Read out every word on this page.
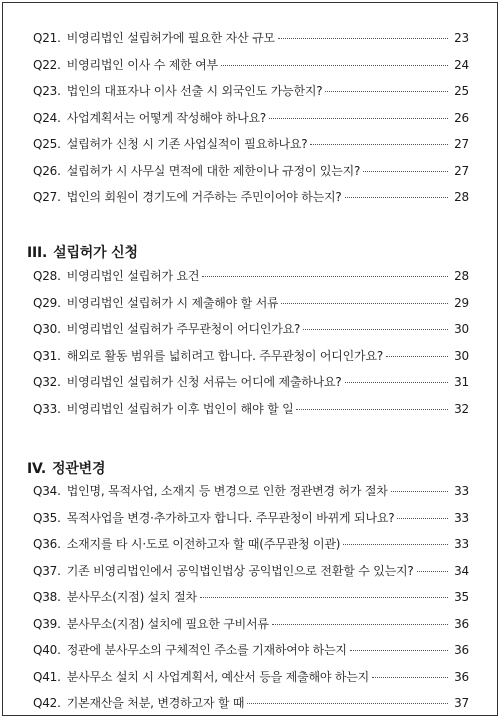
Q21. 비영리법인 설립허가에 필요한 자산 규모	23
Q22. 비영리법인 이사 수 제한 여부	24
Q23. 법인의 대표자나 이사 선출 시 외국인도 가능한지?	25
Q24. 사업계획서는 어떻게 작성해야 하나요?	26
Q25. 설립허가 신청 시 기존 사업실적이 필요하나요?	27
Q26. 설립허가 시 사무실 면적에 대한 제한이나 규정이 있는지?	27
Q27. 법인의 회원이 경기도에 거주하는 주민이어야 하는지?	28
III. 설립허가 신청
Q28. 비영리법인 설립허가 요건	28
Q29. 비영리법인 설립허가 시 제출해야 할 서류	29
Q30. 비영리법인 설립허가 주무관청이 어디인가요?	30
Q31. 해외로 활동 범위를 넓히려고 합니다. 주무관청이 어디인가요?	30
Q32. 비영리법인 설립허가 신청 서류는 어디에 제출하나요?	31
Q33. 비영리법인 설립허가 이후 법인이 해야 할 일	32
IV. 정관변경
Q34. 법인명, 목적사업, 소재지 등 변경으로 인한 정관변경 허가 절차	33
Q35. 목적사업을 변경·추가하고자 합니다. 주무관청이 바뀌게 되나요?	33
Q36. 소재지를 타 시·도로 이전하고자 할 때(주무관청 이관)	33
Q37. 기존 비영리법인에서 공익법인법상 공익법인으로 전환할 수 있는지?	34
Q38. 분사무소(지점) 설치 절차	35
Q39. 분사무소(지점) 설치에 필요한 구비서류	36
Q40. 정관에 분사무소의 구체적인 주소를 기재하여야 하는지	36
Q41. 분사무소 설치 시 사업계획서, 예산서 등을 제출해야 하는지	36
Q42. 기본재산을 처분, 변경하고자 할 때	37
